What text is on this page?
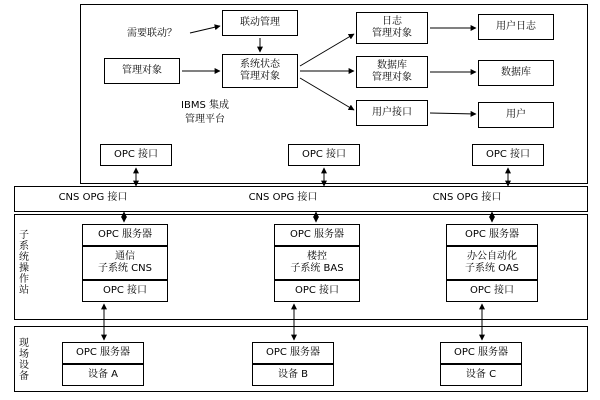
子系统操作站
现场设备
需要联动？
联动管理
管理对象
系统状态
管理对象
日志
管理对象
数据库
管理对象
用户接口
用户日志
数据库
用户
IBMS 集成
管理平台
OPC 接口	OPC 接口	OPC 接口
CNS OPG 接口	CNS OPG 接口	CNS OPG 接口
OPC 服务器
通信
子系统 CNS
OPC 接口
OPC 服务器
楼控
子系统 BAS
OPC 接口
OPC 服务器
办公自动化
子系统 OAS
OPC 接口
OPC 服务器
设备 A
OPC 服务器
设备 B
OPC 服务器
设备 C
